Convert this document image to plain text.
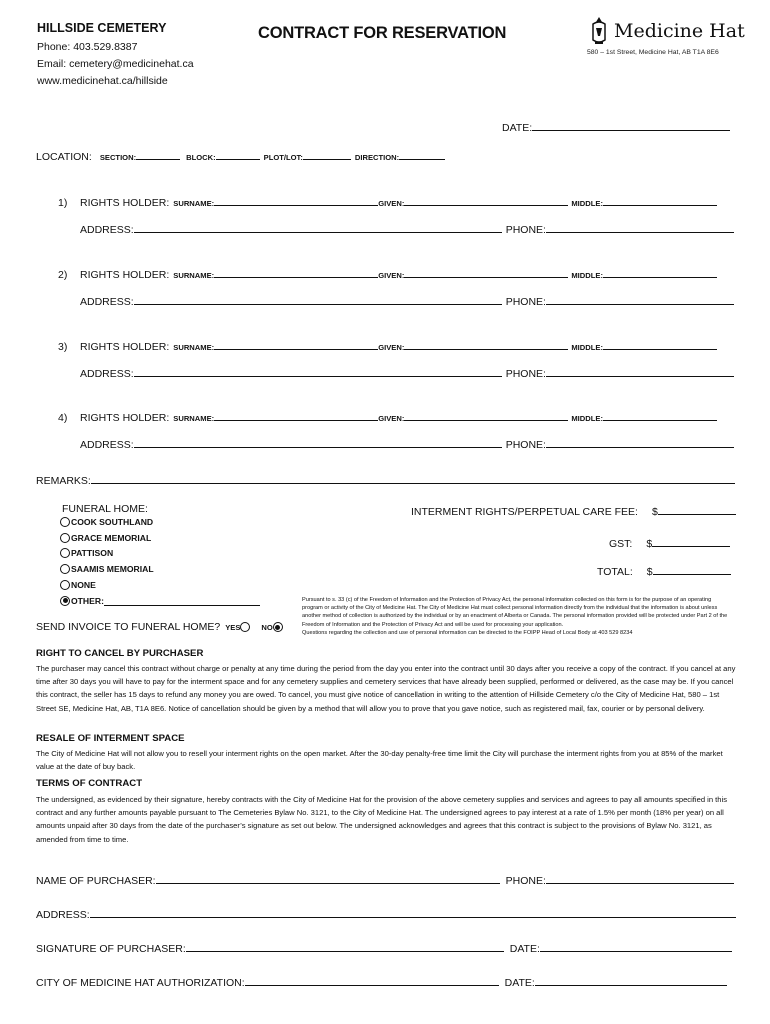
HILLSIDE CEMETERY
Phone: 403.529.8387
Email: cemetery@medicinehat.ca
www.medicinehat.ca/hillside
CONTRACT FOR RESERVATION	Medicine Hat
580 – 1st Street, Medicine Hat, AB T1A 8E6
DATE:
LOCATION: SECTION:	BLOCK:	PLOT/LOT:	DIRECTION:
1)	RIGHTS HOLDER: SURNAME:	GIVEN:	MIDDLE:
ADDRESS:	PHONE:
2)	RIGHTS HOLDER: SURNAME:	GIVEN:	MIDDLE:
ADDRESS:	PHONE:
3)	RIGHTS HOLDER: SURNAME:	GIVEN:	MIDDLE:
ADDRESS:	PHONE:
4)	RIGHTS HOLDER: SURNAME:	GIVEN:	MIDDLE:
ADDRESS:	PHONE:
REMARKS:
FUNERAL HOME:
COOK SOUTHLAND
GRACE MEMORIAL
PATTISON
SAAMIS MEMORIAL
NONE
OTHER:
INTERMENT RIGHTS/PERPETUAL CARE FEE: $
GST: $
TOTAL: $
SEND INVOICE TO FUNERAL HOME? YES	NO
Pursuant to s. 33 (c) of the Freedom of Information and the Protection of Privacy Act, the personal information collected on this form is for the purpose of an operating program or activity of the City of Medicine Hat. The City of Medicine Hat must collect personal information directly from the individual that the information is about unless another method of collection is authorized by the individual or by an enactment of Alberta or Canada. The personal information provided will be protected under Part 2 of the Freedom of Information and the Protection of Privacy Act and will be used for processing your application.
Questions regarding the collection and use of personal information can be directed to the FOIPP Head of Local Body at 403 529 8234
RIGHT TO CANCEL BY PURCHASER
The purchaser may cancel this contract without charge or penalty at any time during the period from the day you enter into the contract until 30 days after you receive a copy of the contract. If you cancel at any time after 30 days you will have to pay for the interment space and for any cemetery supplies and cemetery services that have already been supplied, performed or delivered, as the case may be. If you cancel this contract, the seller has 15 days to refund any money you are owed. To cancel, you must give notice of cancellation in writing to the attention of Hillside Cemetery c/o the City of Medicine Hat, 580 – 1st Street SE, Medicine Hat, AB, T1A 8E6. Notice of cancellation should be given by a method that will allow you to prove that you gave notice, such as registered mail, fax, courier or by personal delivery.
RESALE OF INTERMENT SPACE
The City of Medicine Hat will not allow you to resell your interment rights on the open market. After the 30-day penalty-free time limit the City will purchase the interment rights from you at 85% of the market value at the date of buy back.
TERMS OF CONTRACT
The undersigned, as evidenced by their signature, hereby contracts with the City of Medicine Hat for the provision of the above cemetery supplies and services and agrees to pay all amounts specified in this contract and any further amounts payable pursuant to The Cemeteries Bylaw No. 3121, to the City of Medicine Hat. The undersigned agrees to pay interest at a rate of 1.5% per month (18% per year) on all amounts unpaid after 30 days from the date of the purchaser’s signature as set out below. The undersigned acknowledges and agrees that this contract is subject to the provisions of Bylaw No. 3121, as amended from time to time.
NAME OF PURCHASER:	PHONE:
ADDRESS:
SIGNATURE OF PURCHASER:	DATE:
CITY OF MEDICINE HAT AUTHORIZATION:	DATE:
